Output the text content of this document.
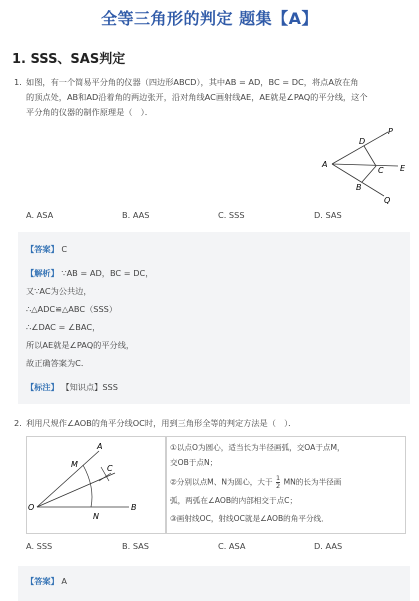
全等三角形的判定 题集【A】
1. SSS、SAS判定
1. 如图，有一个简易平分角的仪器（四边形ABCD），其中AB = AD，BC = DC，将点A放在角
的顶点处，AB和AD沿着角的两边张开，沿对角线AC画射线AE，AE就是∠PAQ的平分线，这个
平分角的仪器的制作原理是（　）．
A
D
P
C E
B
Q
A. ASA	B. AAS	C. SSS	D. SAS
【答案】 C
【解析】 ∵AB = AD，BC = DC，
又∵AC为公共边，
∴△ADC≌△ABC（SSS）
∴∠DAC = ∠BAC，
所以AE就是∠PAQ的平分线，
故正确答案为C．
【标注】 【知识点】SSS
2. 利用尺规作∠AOB的角平分线OC时，用到三角形全等的判定方法是（　）．
O
A
M	C
N
B
①以点O为圆心，适当长为半径画弧，交OA于点M，
交OB于点N；
②分别以点M、N为圆心，大于 $\frac{1}{2}$ MN的长为半径画
弧，两弧在∠AOB的内部相交于点C；
③画射线OC，射线OC就是∠AOB的角平分线．
A. SSS	B. SAS	C. ASA	D. AAS
【答案】 A
